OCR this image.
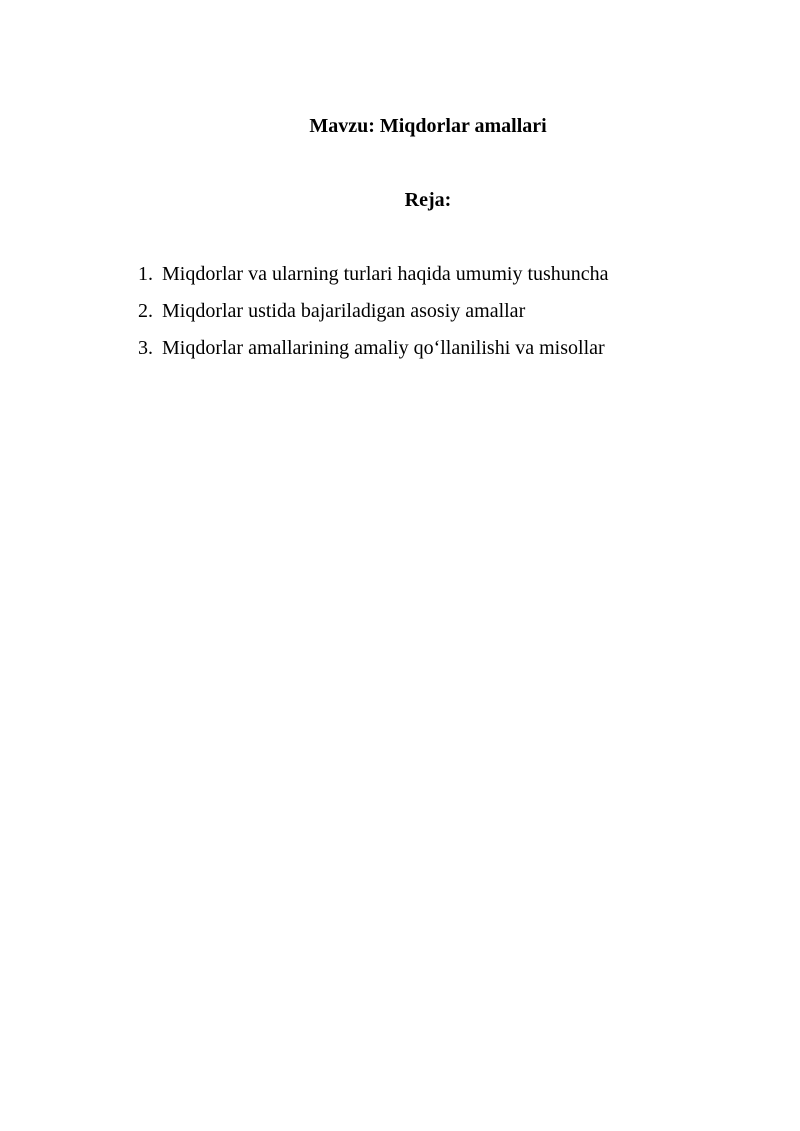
Mavzu: Miqdorlar amallari
Reja:
1. Miqdorlar va ularning turlari haqida umumiy tushuncha
2. Miqdorlar ustida bajariladigan asosiy amallar
3. Miqdorlar amallarining amaliy qo‘llanilishi va misollar
